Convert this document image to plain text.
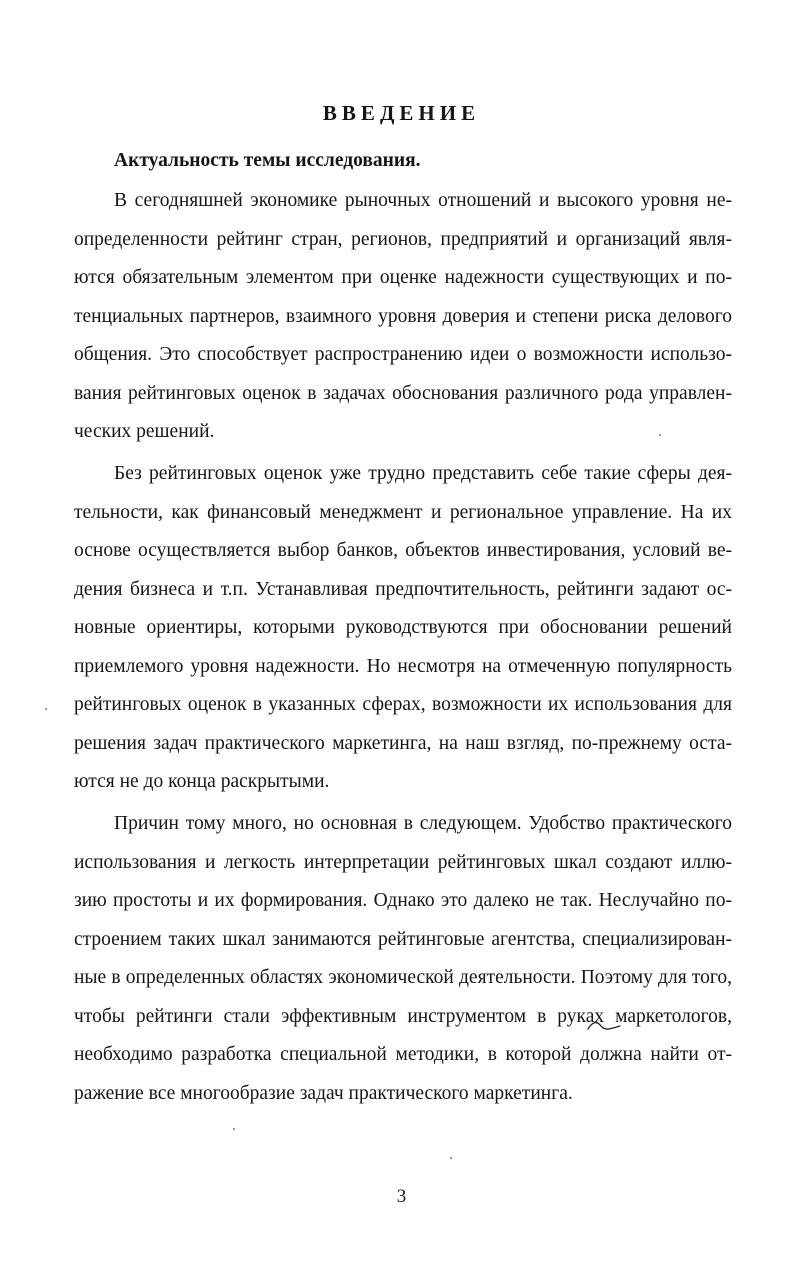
ВВЕДЕНИЕ
Актуальность темы исследования.

В сегодняшней экономике рыночных отношений и высокого уровня неопределенности рейтинг стран, регионов, предприятий и организаций являются обязательным элементом при оценке надежности существующих и потенциальных партнеров, взаимного уровня доверия и степени риска делового общения. Это способствует распространению идеи о возможности использования рейтинговых оценок в задачах обоснования различного рода управленческих решений.

Без рейтинговых оценок уже трудно представить себе такие сферы деятельности, как финансовый менеджмент и региональное управление. На их основе осуществляется выбор банков, объектов инвестирования, условий ведения бизнеса и т.п. Устанавливая предпочтительность, рейтинги задают основные ориентиры, которыми руководствуются при обосновании решений приемлемого уровня надежности. Но несмотря на отмеченную популярность рейтинговых оценок в указанных сферах, возможности их использования для решения задач практического маркетинга, на наш взгляд, по-прежнему остаются не до конца раскрытыми.

Причин тому много, но основная в следующем. Удобство практического использования и легкость интерпретации рейтинговых шкал создают иллюзию простоты и их формирования. Однако это далеко не так. Неслучайно построением таких шкал занимаются рейтинговые агентства, специализированные в определенных областях экономической деятельности. Поэтому для того, чтобы рейтинги стали эффективным инструментом в руках маркетологов, необходимо разработка специальной методики, в которой должна найти отражение все многообразие задач практического маркетинга.

3
